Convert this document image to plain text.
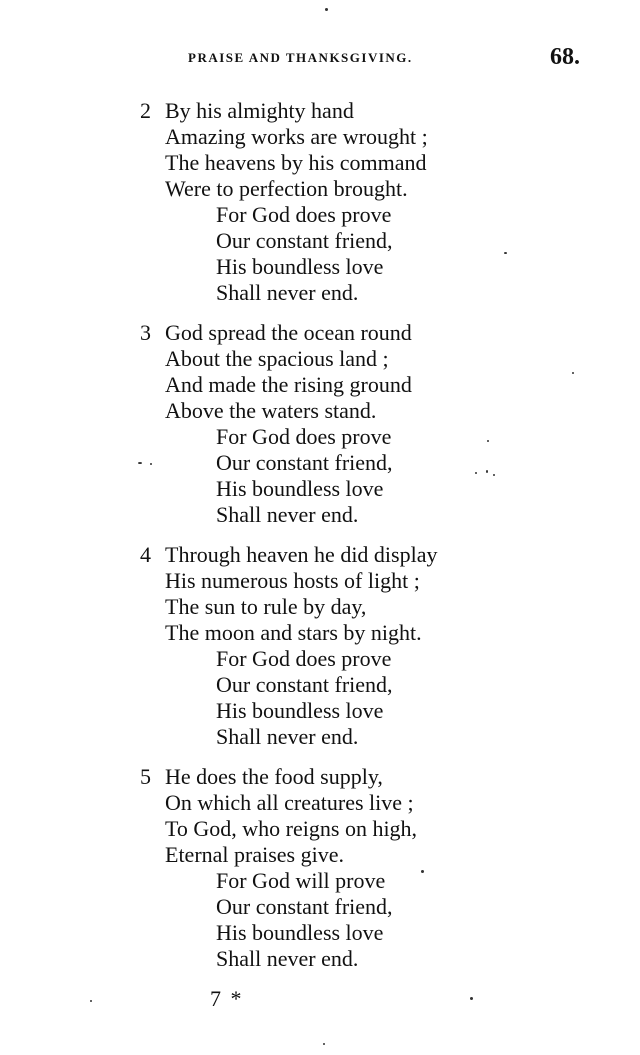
PRAISE AND THANKSGIVING.	68.
2 By his almighty hand
Amazing works are wrought ;
The heavens by his command
Were to perfection brought.
For God does prove
Our constant friend,
His boundless love
Shall never end.
3 God spread the ocean round
About the spacious land ;
And made the rising ground
Above the waters stand.
For God does prove
Our constant friend,
His boundless love
Shall never end.
4 Through heaven he did display
His numerous hosts of light ;
The sun to rule by day,
The moon and stars by night.
For God does prove
Our constant friend,
His boundless love
Shall never end.
5 He does the food supply,
On which all creatures live ;
To God, who reigns on high,
Eternal praises give.
For God will prove
Our constant friend,
His boundless love
Shall never end.
7 *
